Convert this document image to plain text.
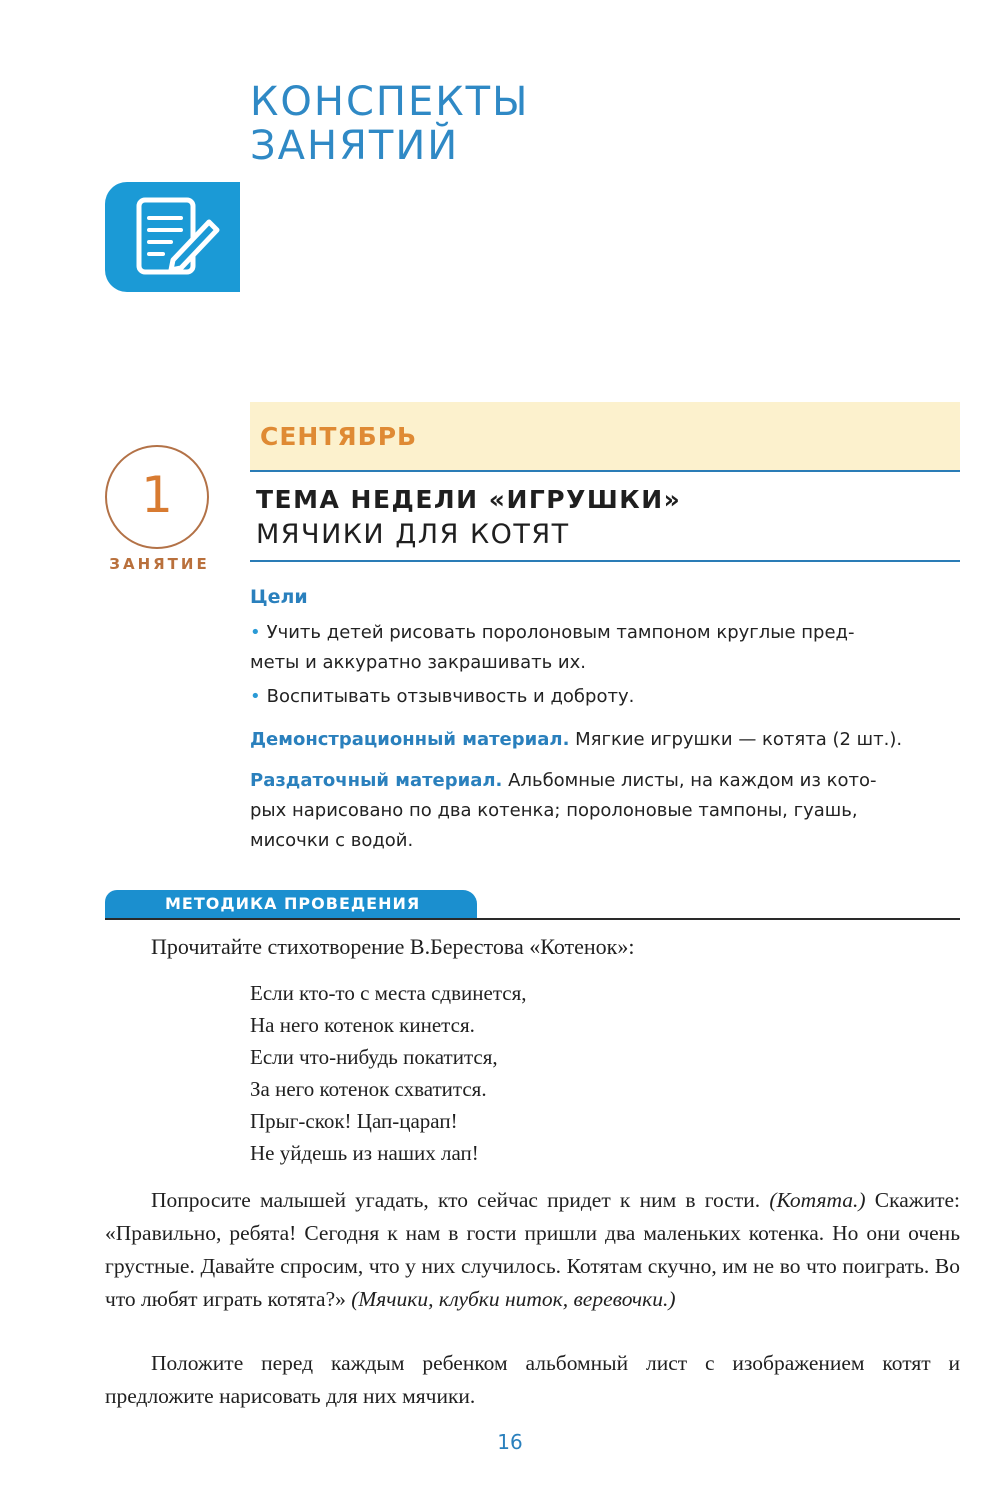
КОНСПЕКТЫ
ЗАНЯТИЙ
СЕНТЯБРЬ
1
ЗАНЯТИЕ
ТЕМА НЕДЕЛИ «ИГРУШКИ»
МЯЧИКИ ДЛЯ КОТЯТ
Цели
• Учить детей рисовать поролоновым тампоном круглые пред-
меты и аккуратно закрашивать их.
• Воспитывать отзывчивость и доброту.
Демонстрационный материал. Мягкие игрушки — котята (2 шт.).
Раздаточный материал. Альбомные листы, на каждом из кото-
рых нарисовано по два котенка; поролоновые тампоны, гуашь,
мисочки с водой.
МЕТОДИКА ПРОВЕДЕНИЯ
Прочитайте стихотворение В.Берестова «Котенок»:
Если кто-то с места сдвинется,
На него котенок кинется.
Если что-нибудь покатится,
За него котенок схватится.
Прыг-скок! Цап-царап!
Не уйдешь из наших лап!
Попросите малышей угадать, кто сейчас придет к ним в гости. (Котята.) Скажите: «Правильно, ребята! Сегодня к нам в гости пришли два маленьких котенка. Но они очень грустные. Давайте спросим, что у них случилось. Котятам скучно, им не во что поиграть. Во что любят играть котята?» (Мячики, клубки ниток, веревочки.)
Положите перед каждым ребенком альбомный лист с изображением котят и предложите нарисовать для них мячики.
16
